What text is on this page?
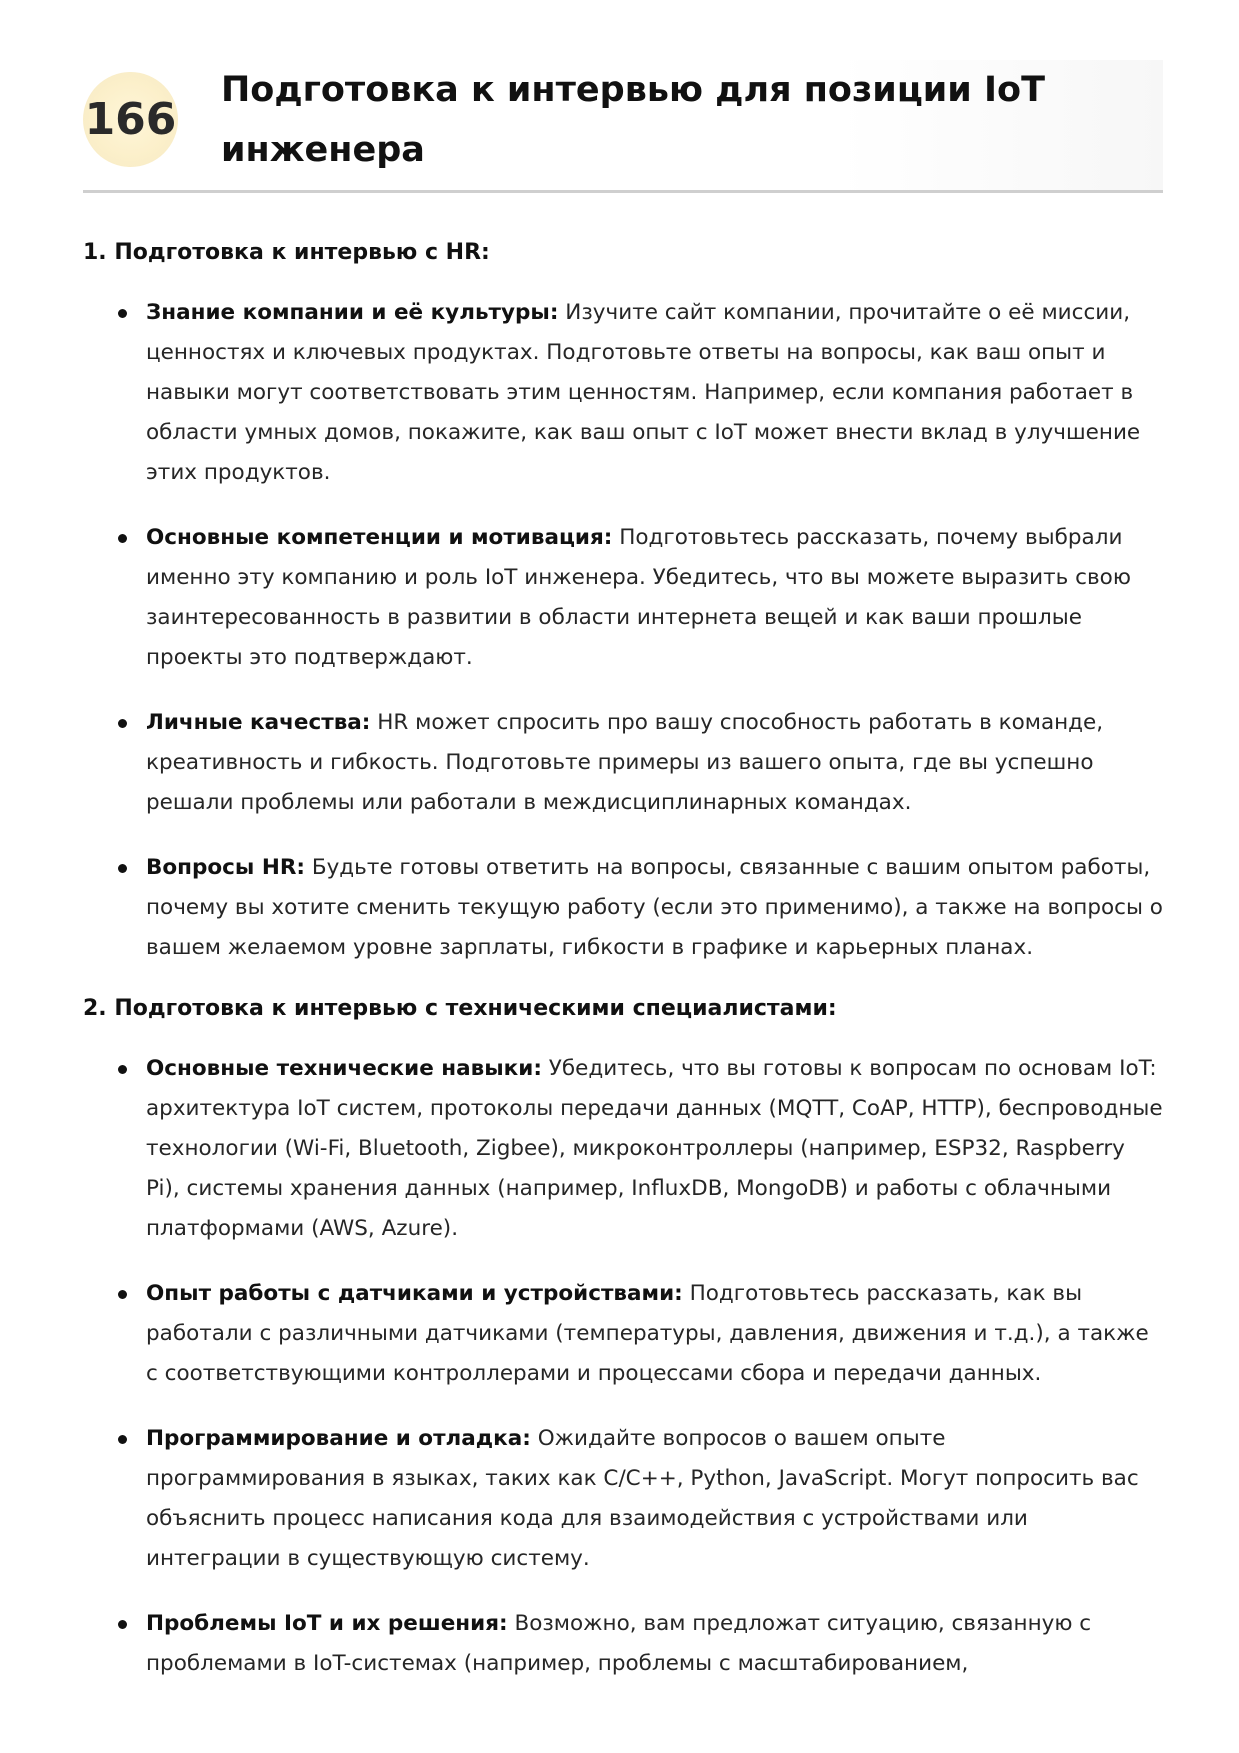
166
Подготовка к интервью для позиции IoT инженера
1. Подготовка к интервью с HR:
Знание компании и её культуры: Изучите сайт компании, прочитайте о её миссии, ценностях и ключевых продуктах. Подготовьте ответы на вопросы, как ваш опыт и навыки могут соответствовать этим ценностям. Например, если компания работает в области умных домов, покажите, как ваш опыт с IoT может внести вклад в улучшение этих продуктов.
Основные компетенции и мотивация: Подготовьтесь рассказать, почему выбрали именно эту компанию и роль IoT инженера. Убедитесь, что вы можете выразить свою заинтересованность в развитии в области интернета вещей и как ваши прошлые проекты это подтверждают.
Личные качества: HR может спросить про вашу способность работать в команде, креативность и гибкость. Подготовьте примеры из вашего опыта, где вы успешно решали проблемы или работали в междисциплинарных командах.
Вопросы HR: Будьте готовы ответить на вопросы, связанные с вашим опытом работы, почему вы хотите сменить текущую работу (если это применимо), а также на вопросы о вашем желаемом уровне зарплаты, гибкости в графике и карьерных планах.
2. Подготовка к интервью с техническими специалистами:
Основные технические навыки: Убедитесь, что вы готовы к вопросам по основам IoT: архитектура IoT систем, протоколы передачи данных (MQTT, CoAP, HTTP), беспроводные технологии (Wi-Fi, Bluetooth, Zigbee), микроконтроллеры (например, ESP32, Raspberry Pi), системы хранения данных (например, InfluxDB, MongoDB) и работы с облачными платформами (AWS, Azure).
Опыт работы с датчиками и устройствами: Подготовьтесь рассказать, как вы работали с различными датчиками (температуры, давления, движения и т.д.), а также с соответствующими контроллерами и процессами сбора и передачи данных.
Программирование и отладка: Ожидайте вопросов о вашем опыте программирования в языках, таких как C/C++, Python, JavaScript. Могут попросить вас объяснить процесс написания кода для взаимодействия с устройствами или интеграции в существующую систему.
Проблемы IoT и их решения: Возможно, вам предложат ситуацию, связанную с проблемами в IoT-системах (например, проблемы с масштабированием,
